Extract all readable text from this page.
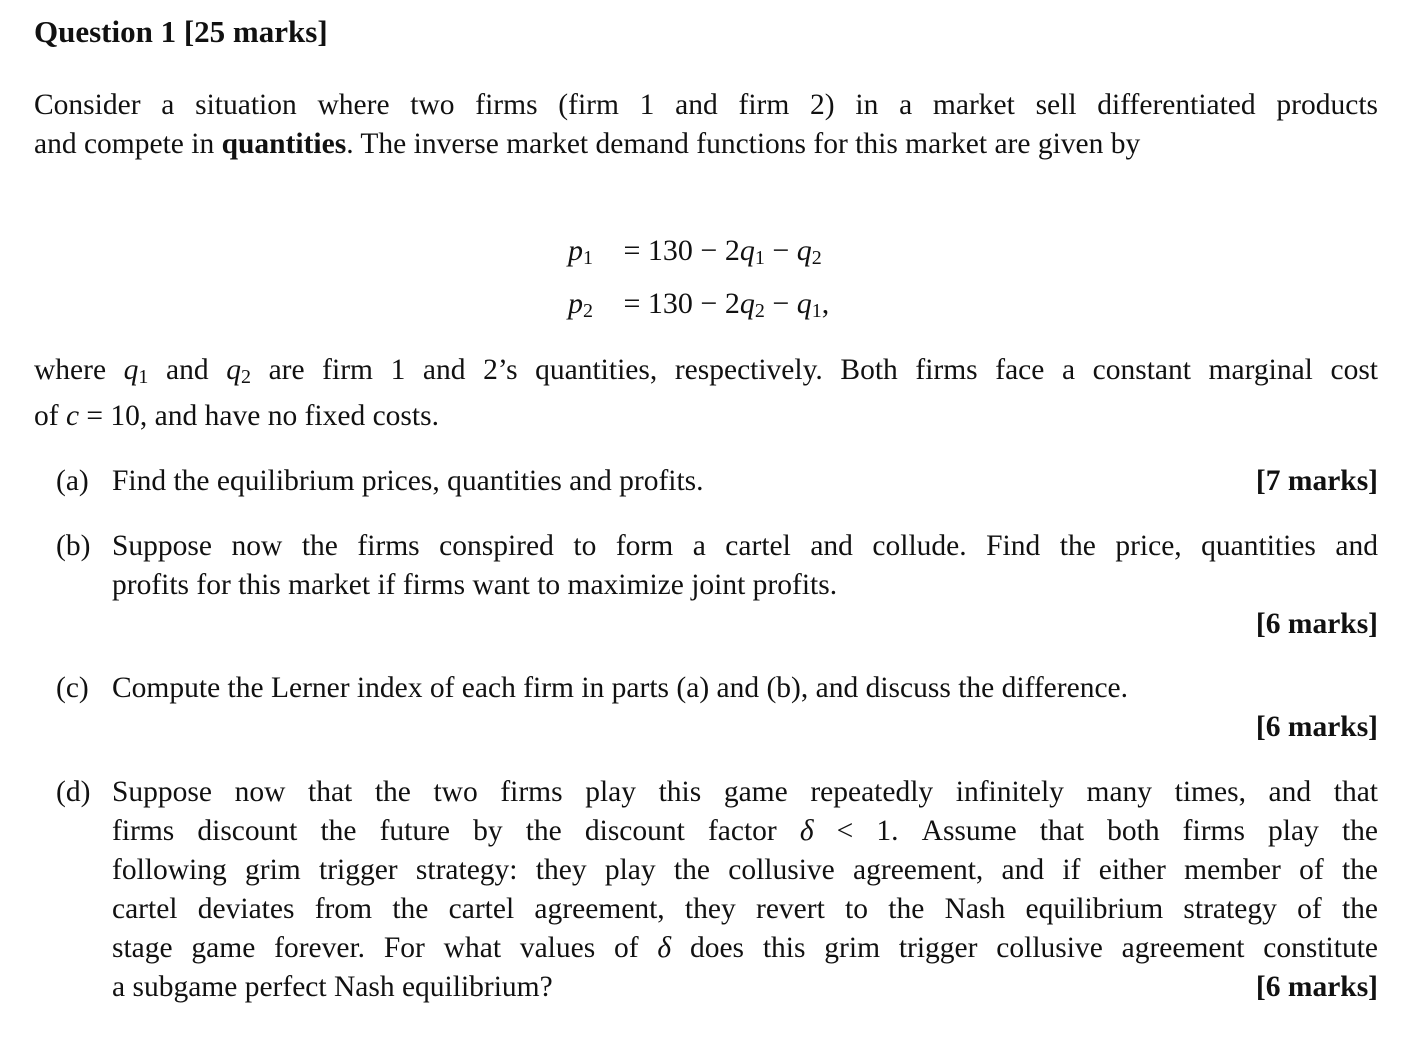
Question 1 [25 marks]
Consider a situation where two firms (firm 1 and firm 2) in a market sell differentiated products
and compete in quantities. The inverse market demand functions for this market are given by
$p_1 = 130 - 2q_1 - q_2$
$p_2 = 130 - 2q_2 - q_1$,
where $q_1$ and $q_2$ are firm 1 and 2’s quantities, respectively. Both firms face a constant marginal cost
of c = 10, and have no fixed costs.
(a) Find the equilibrium prices, quantities and profits.	[7 marks]
(b) Suppose now the firms conspired to form a cartel and collude. Find the price, quantities and
profits for this market if firms want to maximize joint profits.
[6 marks]
(c) Compute the Lerner index of each firm in parts (a) and (b), and discuss the difference.
[6 marks]
(d) Suppose now that the two firms play this game repeatedly infinitely many times, and that
firms discount the future by the discount factor δ < 1. Assume that both firms play the
following grim trigger strategy: they play the collusive agreement, and if either member of the
cartel deviates from the cartel agreement, they revert to the Nash equilibrium strategy of the
stage game forever. For what values of δ does this grim trigger collusive agreement constitute
a subgame perfect Nash equilibrium?	[6 marks]
